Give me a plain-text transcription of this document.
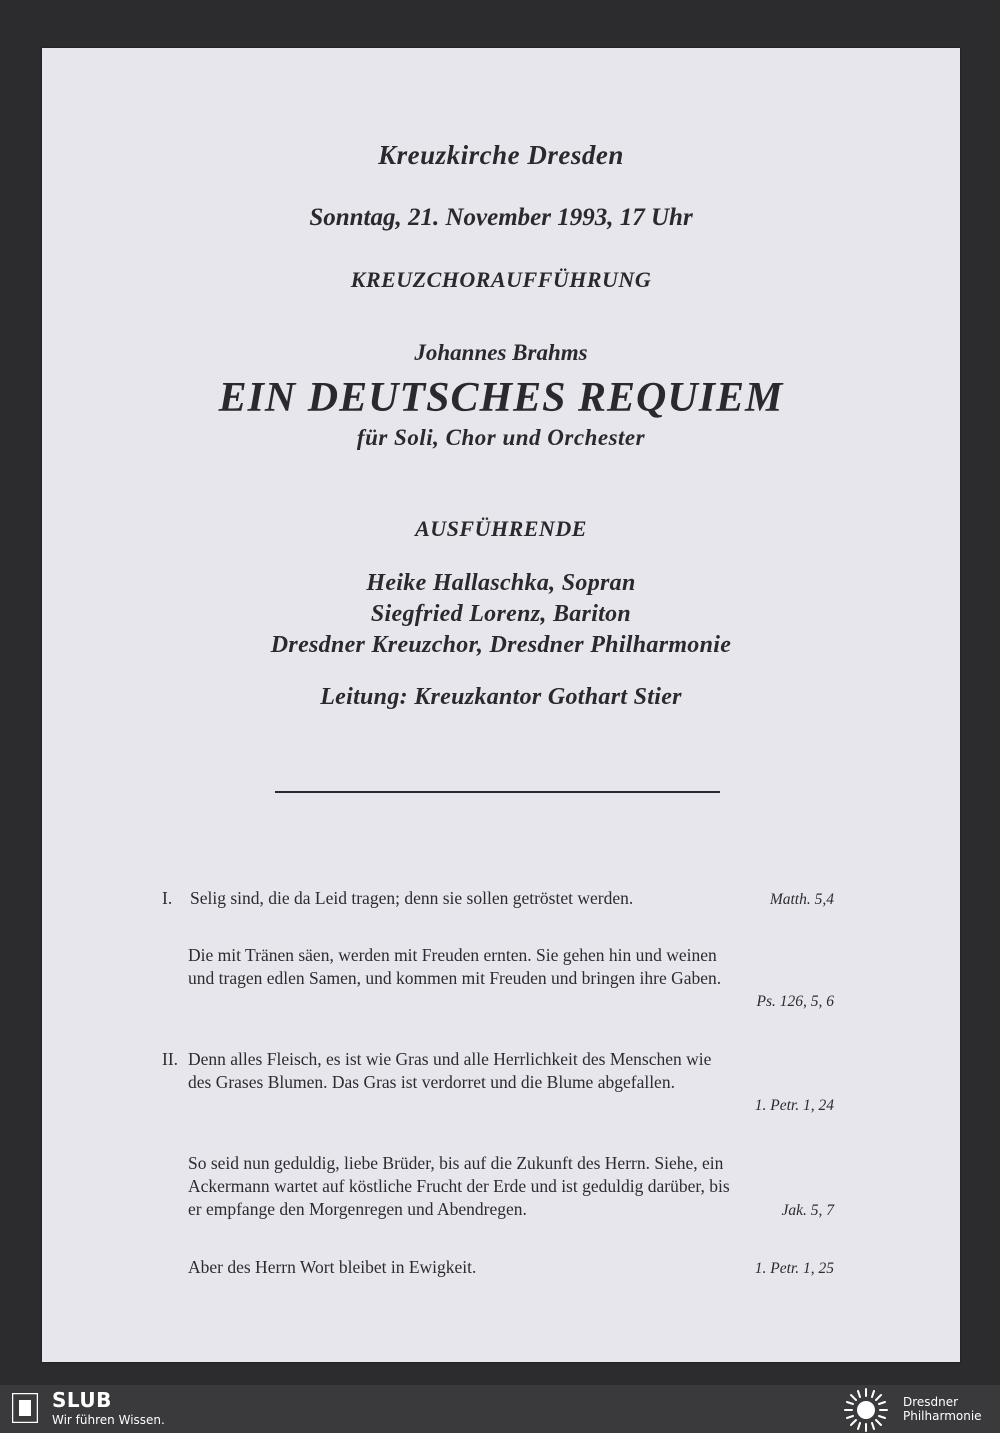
Kreuzkirche Dresden
Sonntag, 21. November 1993, 17 Uhr
KREUZCHORAUFFÜHRUNG
Johannes Brahms
EIN DEUTSCHES REQUIEM
für Soli, Chor und Orchester
AUSFÜHRENDE
Heike Hallaschka, Sopran
Siegfried Lorenz, Bariton
Dresdner Kreuzchor, Dresdner Philharmonie
Leitung: Kreuzkantor Gothart Stier
I. Selig sind, die da Leid tragen; denn sie sollen getröstet werden.	Matth. 5,4
Die mit Tränen säen, werden mit Freuden ernten. Sie gehen hin und weinen
und tragen edlen Samen, und kommen mit Freuden und bringen ihre Gaben.
Ps. 126, 5, 6
II. Denn alles Fleisch, es ist wie Gras und alle Herrlichkeit des Menschen wie
des Grases Blumen. Das Gras ist verdorret und die Blume abgefallen.
1. Petr. 1, 24
So seid nun geduldig, liebe Brüder, bis auf die Zukunft des Herrn. Siehe, ein
Ackermann wartet auf köstliche Frucht der Erde und ist geduldig darüber, bis
er empfange den Morgenregen und Abendregen.	Jak. 5, 7
Aber des Herrn Wort bleibet in Ewigkeit.	1. Petr. 1, 25
SLUB
Wir führen Wissen.
Dresdner
Philharmonie
